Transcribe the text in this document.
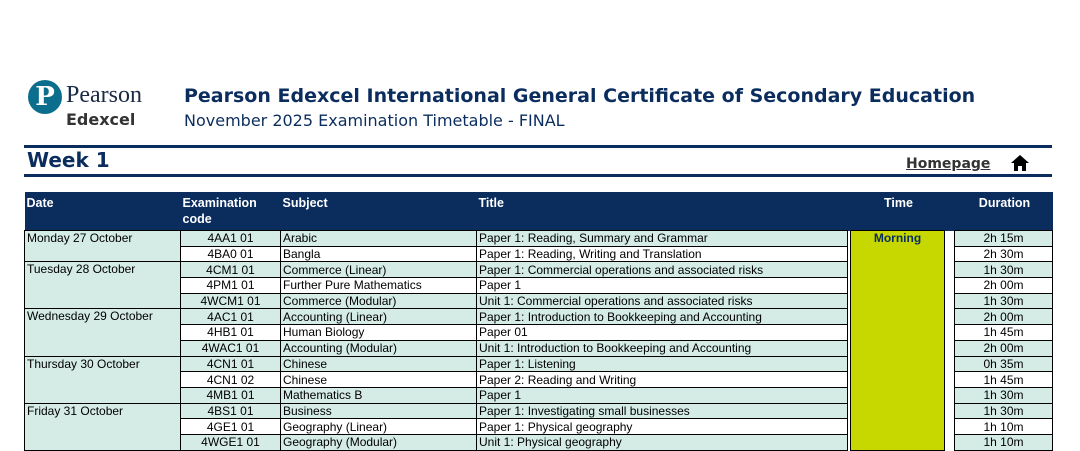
P Pearson
Edexcel
Pearson Edexcel International General Certificate of Secondary Education
November 2025 Examination Timetable - FINAL
Week 1	Homepage
Date	Examination code	Subject	Title		Time		Duration
Monday 27 October	4AA1 01	Arabic	Paper 1: Reading, Summary and Grammar		Morning		2h 15m
	4BA0 01	Bangla	Paper 1: Reading, Writing and Translation				2h 30m
Tuesday 28 October	4CM1 01	Commerce (Linear)	Paper 1: Commercial operations and associated risks				1h 30m
	4PM1 01	Further Pure Mathematics	Paper 1				2h 00m
	4WCM1 01	Commerce (Modular)	Unit 1: Commercial operations and associated risks				1h 30m
Wednesday 29 October	4AC1 01	Accounting (Linear)	Paper 1: Introduction to Bookkeeping and Accounting				2h 00m
	4HB1 01	Human Biology	Paper 01				1h 45m
	4WAC1 01	Accounting (Modular)	Unit 1: Introduction to Bookkeeping and Accounting				2h 00m
Thursday 30 October	4CN1 01	Chinese	Paper 1: Listening				0h 35m
	4CN1 02	Chinese	Paper 2: Reading and Writing				1h 45m
	4MB1 01	Mathematics B	Paper 1				1h 30m
Friday 31 October	4BS1 01	Business	Paper 1: Investigating small businesses				1h 30m
	4GE1 01	Geography (Linear)	Paper 1: Physical geography				1h 10m
	4WGE1 01	Geography (Modular)	Unit 1: Physical geography				1h 10m
